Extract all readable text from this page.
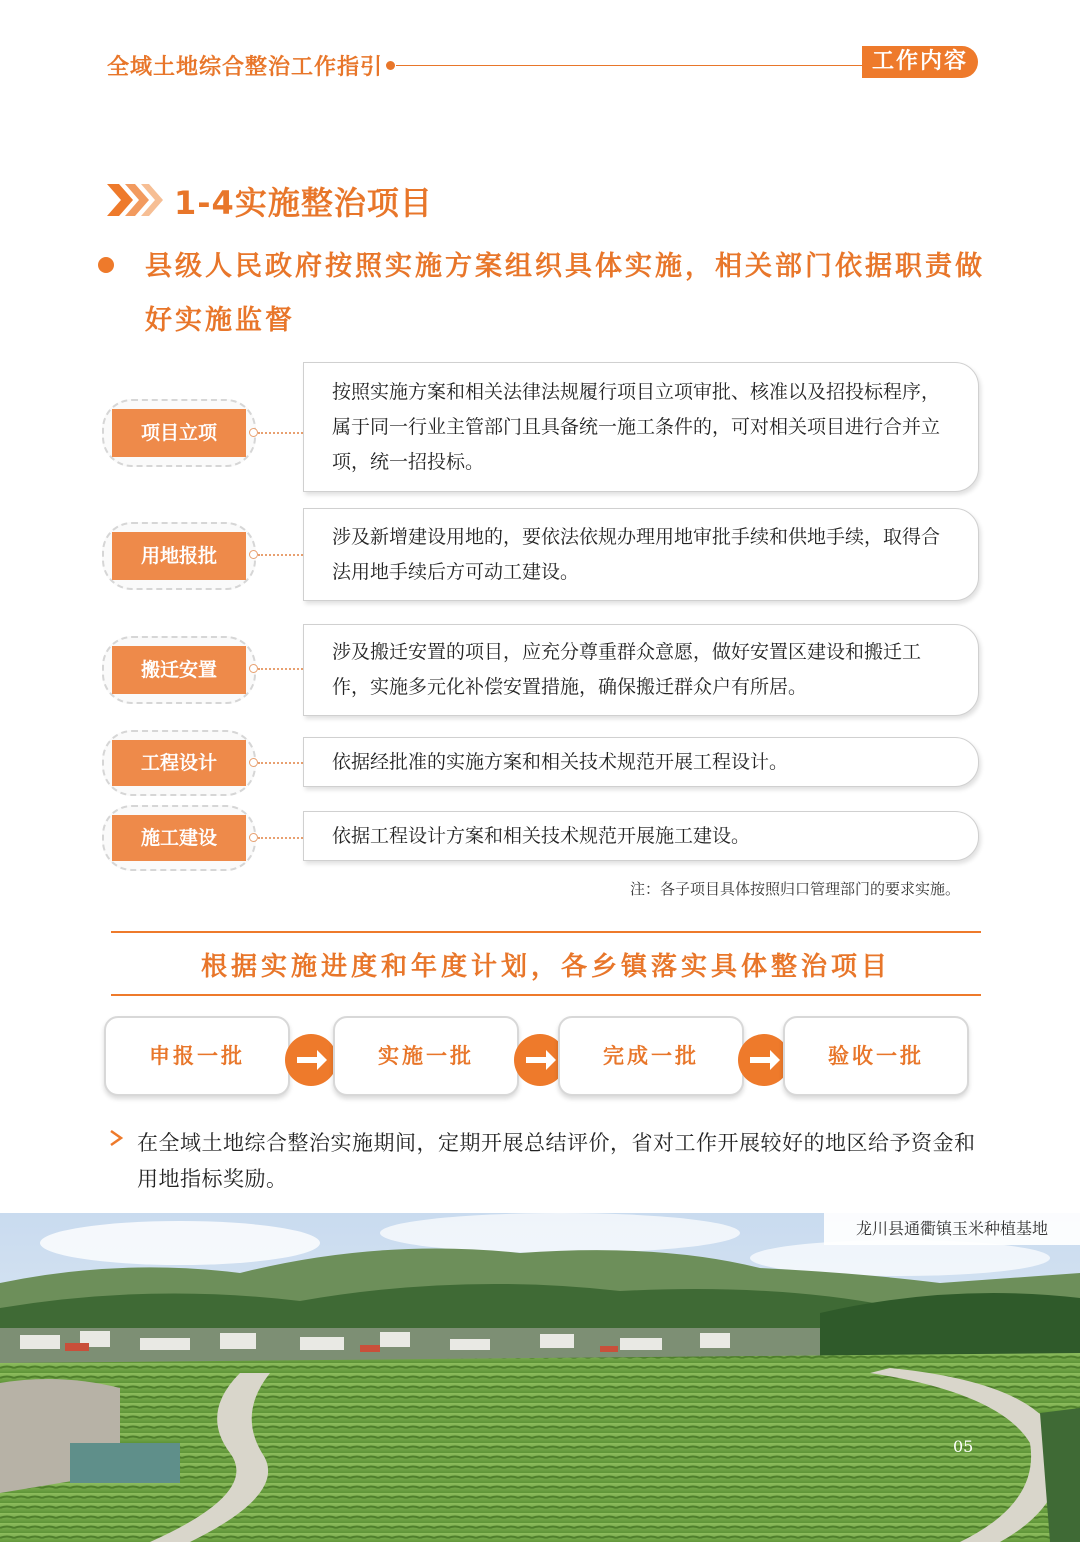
全域土地综合整治工作指引	工作内容
1-4实施整治项目
县级人民政府按照实施方案组织具体实施，相关部门依据职责做好实施监督
项目立项
按照实施方案和相关法律法规履行项目立项审批、核准以及招投标程序，属于同一行业主管部门且具备统一施工条件的，可对相关项目进行合并立项，统一招投标。
用地报批
涉及新增建设用地的，要依法依规办理用地审批手续和供地手续，取得合法用地手续后方可动工建设。
搬迁安置
涉及搬迁安置的项目，应充分尊重群众意愿，做好安置区建设和搬迁工作，实施多元化补偿安置措施，确保搬迁群众户有所居。
工程设计	依据经批准的实施方案和相关技术规范开展工程设计。
施工建设	依据工程设计方案和相关技术规范开展施工建设。
注：各子项目具体按照归口管理部门的要求实施。
根据实施进度和年度计划，各乡镇落实具体整治项目
申报一批	实施一批	完成一批	验收一批
在全域土地综合整治实施期间，定期开展总结评价，省对工作开展较好的地区给予资金和用地指标奖励。
龙川县通衢镇玉米种植基地
05
